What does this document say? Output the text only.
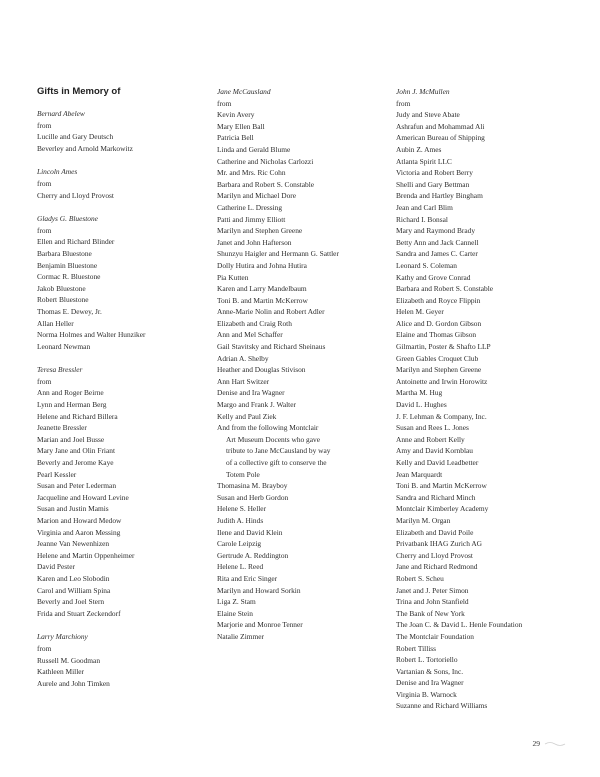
Gifts in Memory of
Bernard Abelew
from
Lucille and Gary Deutsch
Beverley and Arnold Markowitz
Lincoln Ames
from
Cherry and Lloyd Provost
Gladys G. Bluestone
from
Ellen and Richard Blinder
Barbara Bluestone
Benjamin Bluestone
Cormac R. Bluestone
Jakob Bluestone
Robert Bluestone
Thomas E. Dewey, Jr.
Allan Heller
Norma Holmes and Walter Hunziker
Leonard Newman
Teresa Bressler
from
Ann and Roger Beirne
Lynn and Herman Berg
Helene and Richard Billera
Jeanette Bressler
Marian and Joel Busse
Mary Jane and Olin Friant
Beverly and Jerome Kaye
Pearl Kessler
Susan and Peter Lederman
Jacqueline and Howard Levine
Susan and Justin Mamis
Marion and Howard Medow
Virginia and Aaron Messing
Jeanne Van Newenhizen
Helene and Martin Oppenheimer
David Pester
Karen and Leo Slobodin
Carol and William Spina
Beverly and Joel Stern
Frida and Stuart Zeckendorf
Larry Marchiony
from
Russell M. Goodman
Kathleen Miller
Aurele and John Timken
Jane McCausland
from
Kevin Avery
Mary Ellen Ball
Patricia Bell
Linda and Gerald Blume
Catherine and Nicholas Carlozzi
Mr. and Mrs. Ric Cohn
Barbara and Robert S. Constable
Marilyn and Michael Dore
Catherine L. Dressing
Patti and Jimmy Elliott
Marilyn and Stephen Greene
Janet and John Hafterson
Shunzyu Haigler and Hermann G. Sattler
Dolly Hutira and Johna Hutira
Pia Kutten
Karen and Larry Mandelbaum
Toni B. and Martin McKerrow
Anne-Marie Nolin and Robert Adler
Elizabeth and Craig Roth
Ann and Mel Schaffer
Gail Stavitsky and Richard Sheinaus
Adrian A. Shelby
Heather and Douglas Stivison
Ann Hart Switzer
Denise and Ira Wagner
Margo and Frank J. Walter
Kelly and Paul Ziek
And from the following Montclair
Art Museum Docents who gave
tribute to Jane McCausland by way
of a collective gift to conserve the
Totem Pole
Thomasina M. Brayboy
Susan and Herb Gordon
Helene S. Heller
Judith A. Hinds
Ilene and David Klein
Carole Leipzig
Gertrude A. Reddington
Helene L. Reed
Rita and Eric Singer
Marilyn and Howard Sorkin
Liga Z. Stam
Elaine Stein
Marjorie and Monroe Tenner
Natalie Zimmer
John J. McMullen
from
Judy and Steve Abate
Ashrafun and Mohammad Ali
American Bureau of Shipping
Aubin Z. Ames
Atlanta Spirit LLC
Victoria and Robert Berry
Shelli and Gary Bettman
Brenda and Hartley Bingham
Jean and Carl Blim
Richard I. Bonsal
Mary and Raymond Brady
Betty Ann and Jack Cannell
Sandra and James C. Carter
Leonard S. Coleman
Kathy and Grove Conrad
Barbara and Robert S. Constable
Elizabeth and Royce Flippin
Helen M. Geyer
Alice and D. Gordon Gibson
Elaine and Thomas Gibson
Gilmartin, Poster & Shafto LLP
Green Gables Croquet Club
Marilyn and Stephen Greene
Antoinette and Irwin Horowitz
Martha M. Hug
David L. Hughes
J. F. Lehman & Company, Inc.
Susan and Rees L. Jones
Anne and Robert Kelly
Amy and David Kornblau
Kelly and David Leadbetter
Jean Marquardt
Toni B. and Martin McKerrow
Sandra and Richard Minch
Montclair Kimberley Academy
Marilyn M. Organ
Elizabeth and David Poile
Privatbank IHAG Zurich AG
Cherry and Lloyd Provost
Jane and Richard Redmond
Robert S. Scheu
Janet and J. Peter Simon
Trina and John Stanfield
The Bank of New York
The Joan C. & David L. Henle Foundation
The Montclair Foundation
Robert Tilliss
Robert L. Tortoriello
Vartanian & Sons, Inc.
Denise and Ira Wagner
Virginia B. Warnock
Suzanne and Richard Williams
29
